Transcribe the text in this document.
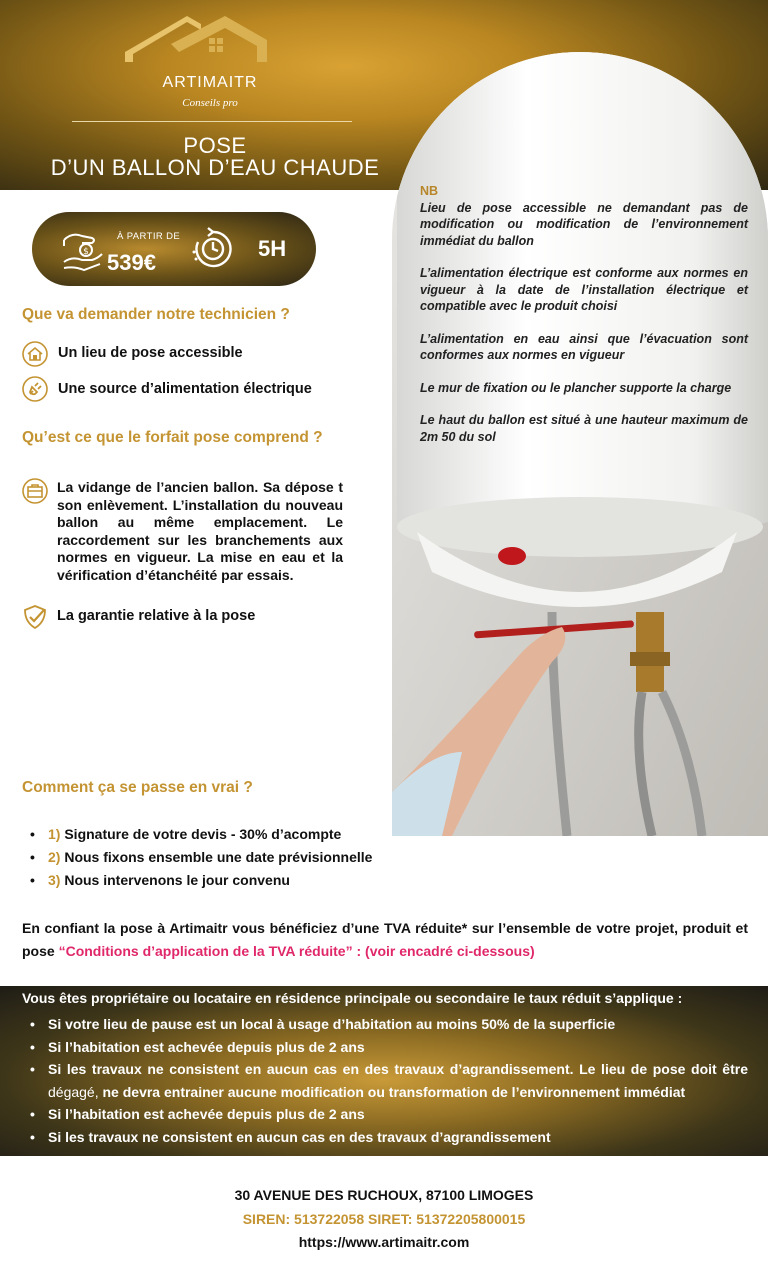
ARTIMAITR
Conseils pro
POSE
D’UN BALLON D’EAU CHAUDE
NB
Lieu de pose accessible ne demandant pas de modification ou modification de l’environnement immédiat du ballon
L’alimentation électrique est conforme aux normes en vigueur à la date de l’installation électrique et compatible avec le produit choisi
L’alimentation en eau ainsi que l’évacuation sont conformes aux normes en vigueur
Le mur de fixation ou le plancher supporte la charge
Le haut du ballon est situé à une hauteur maximum de 2m 50 du sol
$
À PARTIR DE
539€
5H
Que va demander notre technicien ?
Un lieu de pose accessible
Une source d’alimentation électrique
Qu’est ce que le forfait pose comprend ?
La vidange de l’ancien ballon. Sa dépose t son enlèvement. L’installation du nouveau ballon au même emplacement. Le raccordement sur les branchements aux normes en vigueur. La mise en eau et la vérification d’étanchéité par essais.
La garantie relative à la pose
Comment ça se passe en vrai ?
• 1) Signature de votre devis - 30% d’acompte
• 2) Nous fixons ensemble une date prévisionnelle
• 3) Nous intervenons le jour convenu
En confiant la pose à Artimaitr vous bénéficiez d’une TVA réduite* sur l’ensemble de votre projet, produit et pose “Conditions d’application de la TVA réduite” : (voir encadré ci-dessous)
Vous êtes propriétaire ou locataire en résidence principale ou secondaire le taux réduit s’applique :
• Si votre lieu de pause est un local à usage d’habitation au moins 50% de la superficie
• Si l’habitation est achevée depuis plus de 2 ans
• Si les travaux ne consistent en aucun cas en des travaux d’agrandissement. Le lieu de pose doit être dégagé, ne devra entrainer aucune modification ou transformation de l’environnement immédiat
• Si l’habitation est achevée depuis plus de 2 ans
• Si les travaux ne consistent en aucun cas en des travaux d’agrandissement
30 AVENUE DES RUCHOUX, 87100 LIMOGES
SIREN: 513722058 SIRET: 51372205800015
https://www.artimaitr.com
